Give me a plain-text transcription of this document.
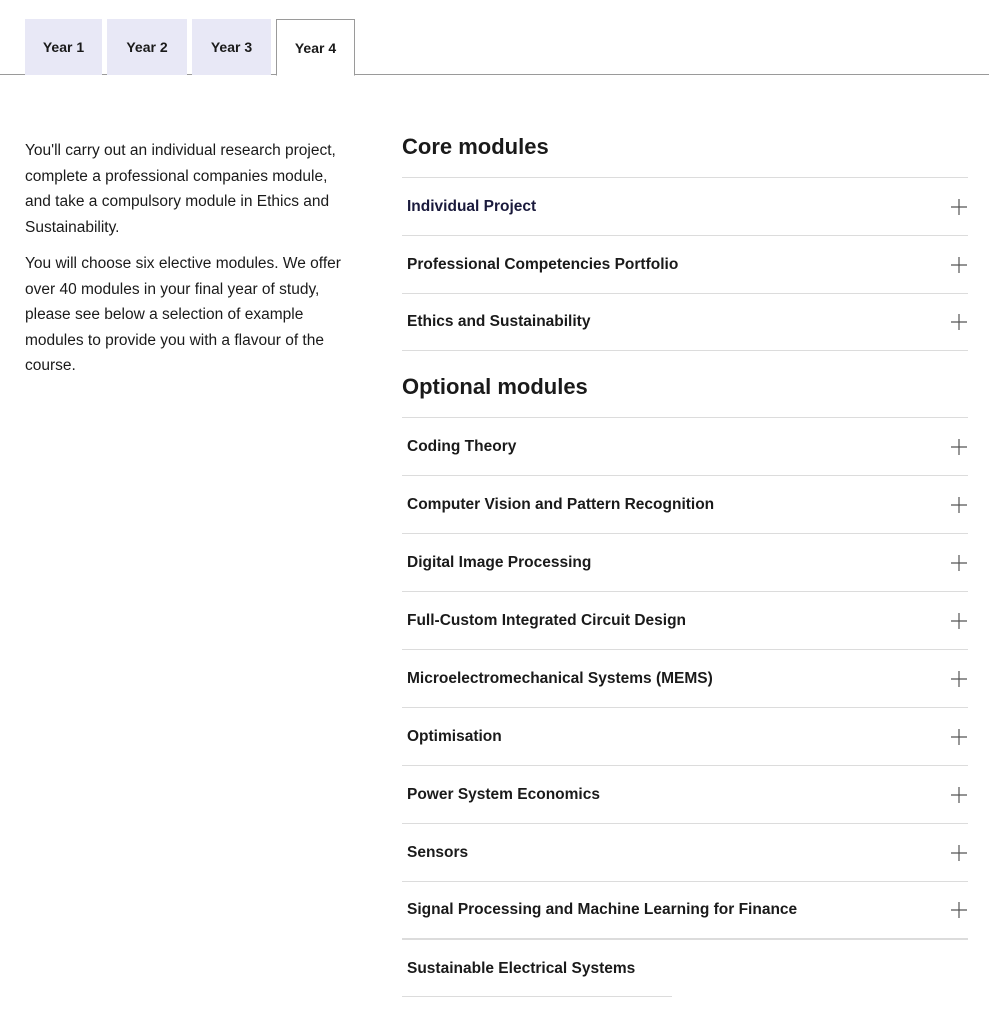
Year 1	Year 2	Year 3	Year 4

You'll carry out an individual research project, complete a professional companies module, and take a compulsory module in Ethics and Sustainability.

You will choose six elective modules. We offer over 40 modules in your final year of study, please see below a selection of example modules to provide you with a flavour of the course.

Core modules
Individual Project
Professional Competencies Portfolio
Ethics and Sustainability
Optional modules
Coding Theory
Computer Vision and Pattern Recognition
Digital Image Processing
Full-Custom Integrated Circuit Design
Microelectromechanical Systems (MEMS)
Optimisation
Power System Economics
Sensors
Signal Processing and Machine Learning for Finance
Sustainable Electrical Systems
